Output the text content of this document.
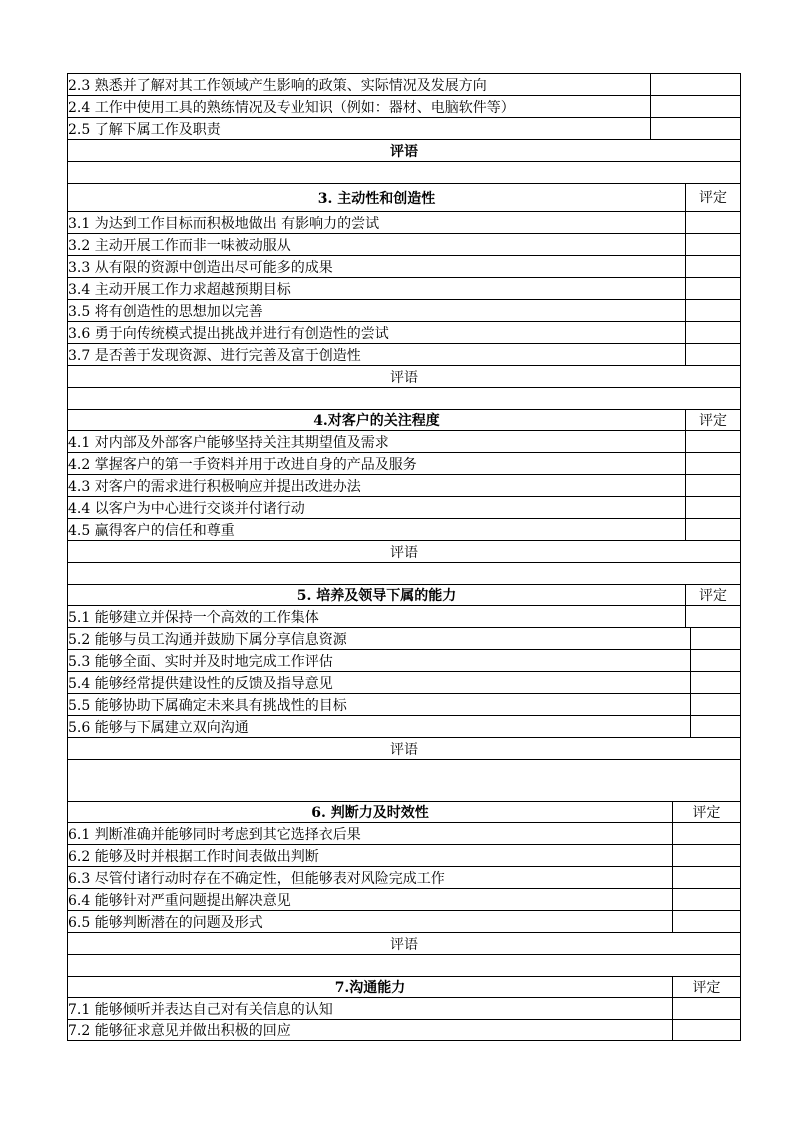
2.3 熟悉并了解对其工作领域产生影响的政策、实际情况及发展方向
2.4 工作中使用工具的熟练情况及专业知识（例如：器材、电脑软件等）
2.5 了解下属工作及职责
评语
3. 主动性和创造性	评定
3.1 为达到工作目标而积极地做出 有影响力的尝试
3.2 主动开展工作而非一味被动服从
3.3 从有限的资源中创造出尽可能多的成果
3.4 主动开展工作力求超越预期目标
3.5 将有创造性的思想加以完善
3.6 勇于向传统模式提出挑战并进行有创造性的尝试
3.7 是否善于发现资源、进行完善及富于创造性
评语
4.对客户的关注程度	评定
4.1 对内部及外部客户能够坚持关注其期望值及需求
4.2 掌握客户的第一手资料并用于改进自身的产品及服务
4.3 对客户的需求进行积极响应并提出改进办法
4.4 以客户为中心进行交谈并付诸行动
4.5 赢得客户的信任和尊重
评语
5. 培养及领导下属的能力	评定
5.1 能够建立并保持一个高效的工作集体
5.2 能够与员工沟通并鼓励下属分享信息资源
5.3 能够全面、实时并及时地完成工作评估
5.4 能够经常提供建设性的反馈及指导意见
5.5 能够协助下属确定未来具有挑战性的目标
5.6 能够与下属建立双向沟通
评语
6. 判断力及时效性	评定
6.1 判断准确并能够同时考虑到其它选择衣后果
6.2 能够及时并根据工作时间表做出判断
6.3 尽管付诸行动时存在不确定性，但能够表对风险完成工作
6.4 能够针对严重问题提出解决意见
6.5 能够判断潜在的问题及形式
评语
7.沟通能力	评定
7.1 能够倾听并表达自己对有关信息的认知
7.2 能够征求意见并做出积极的回应
